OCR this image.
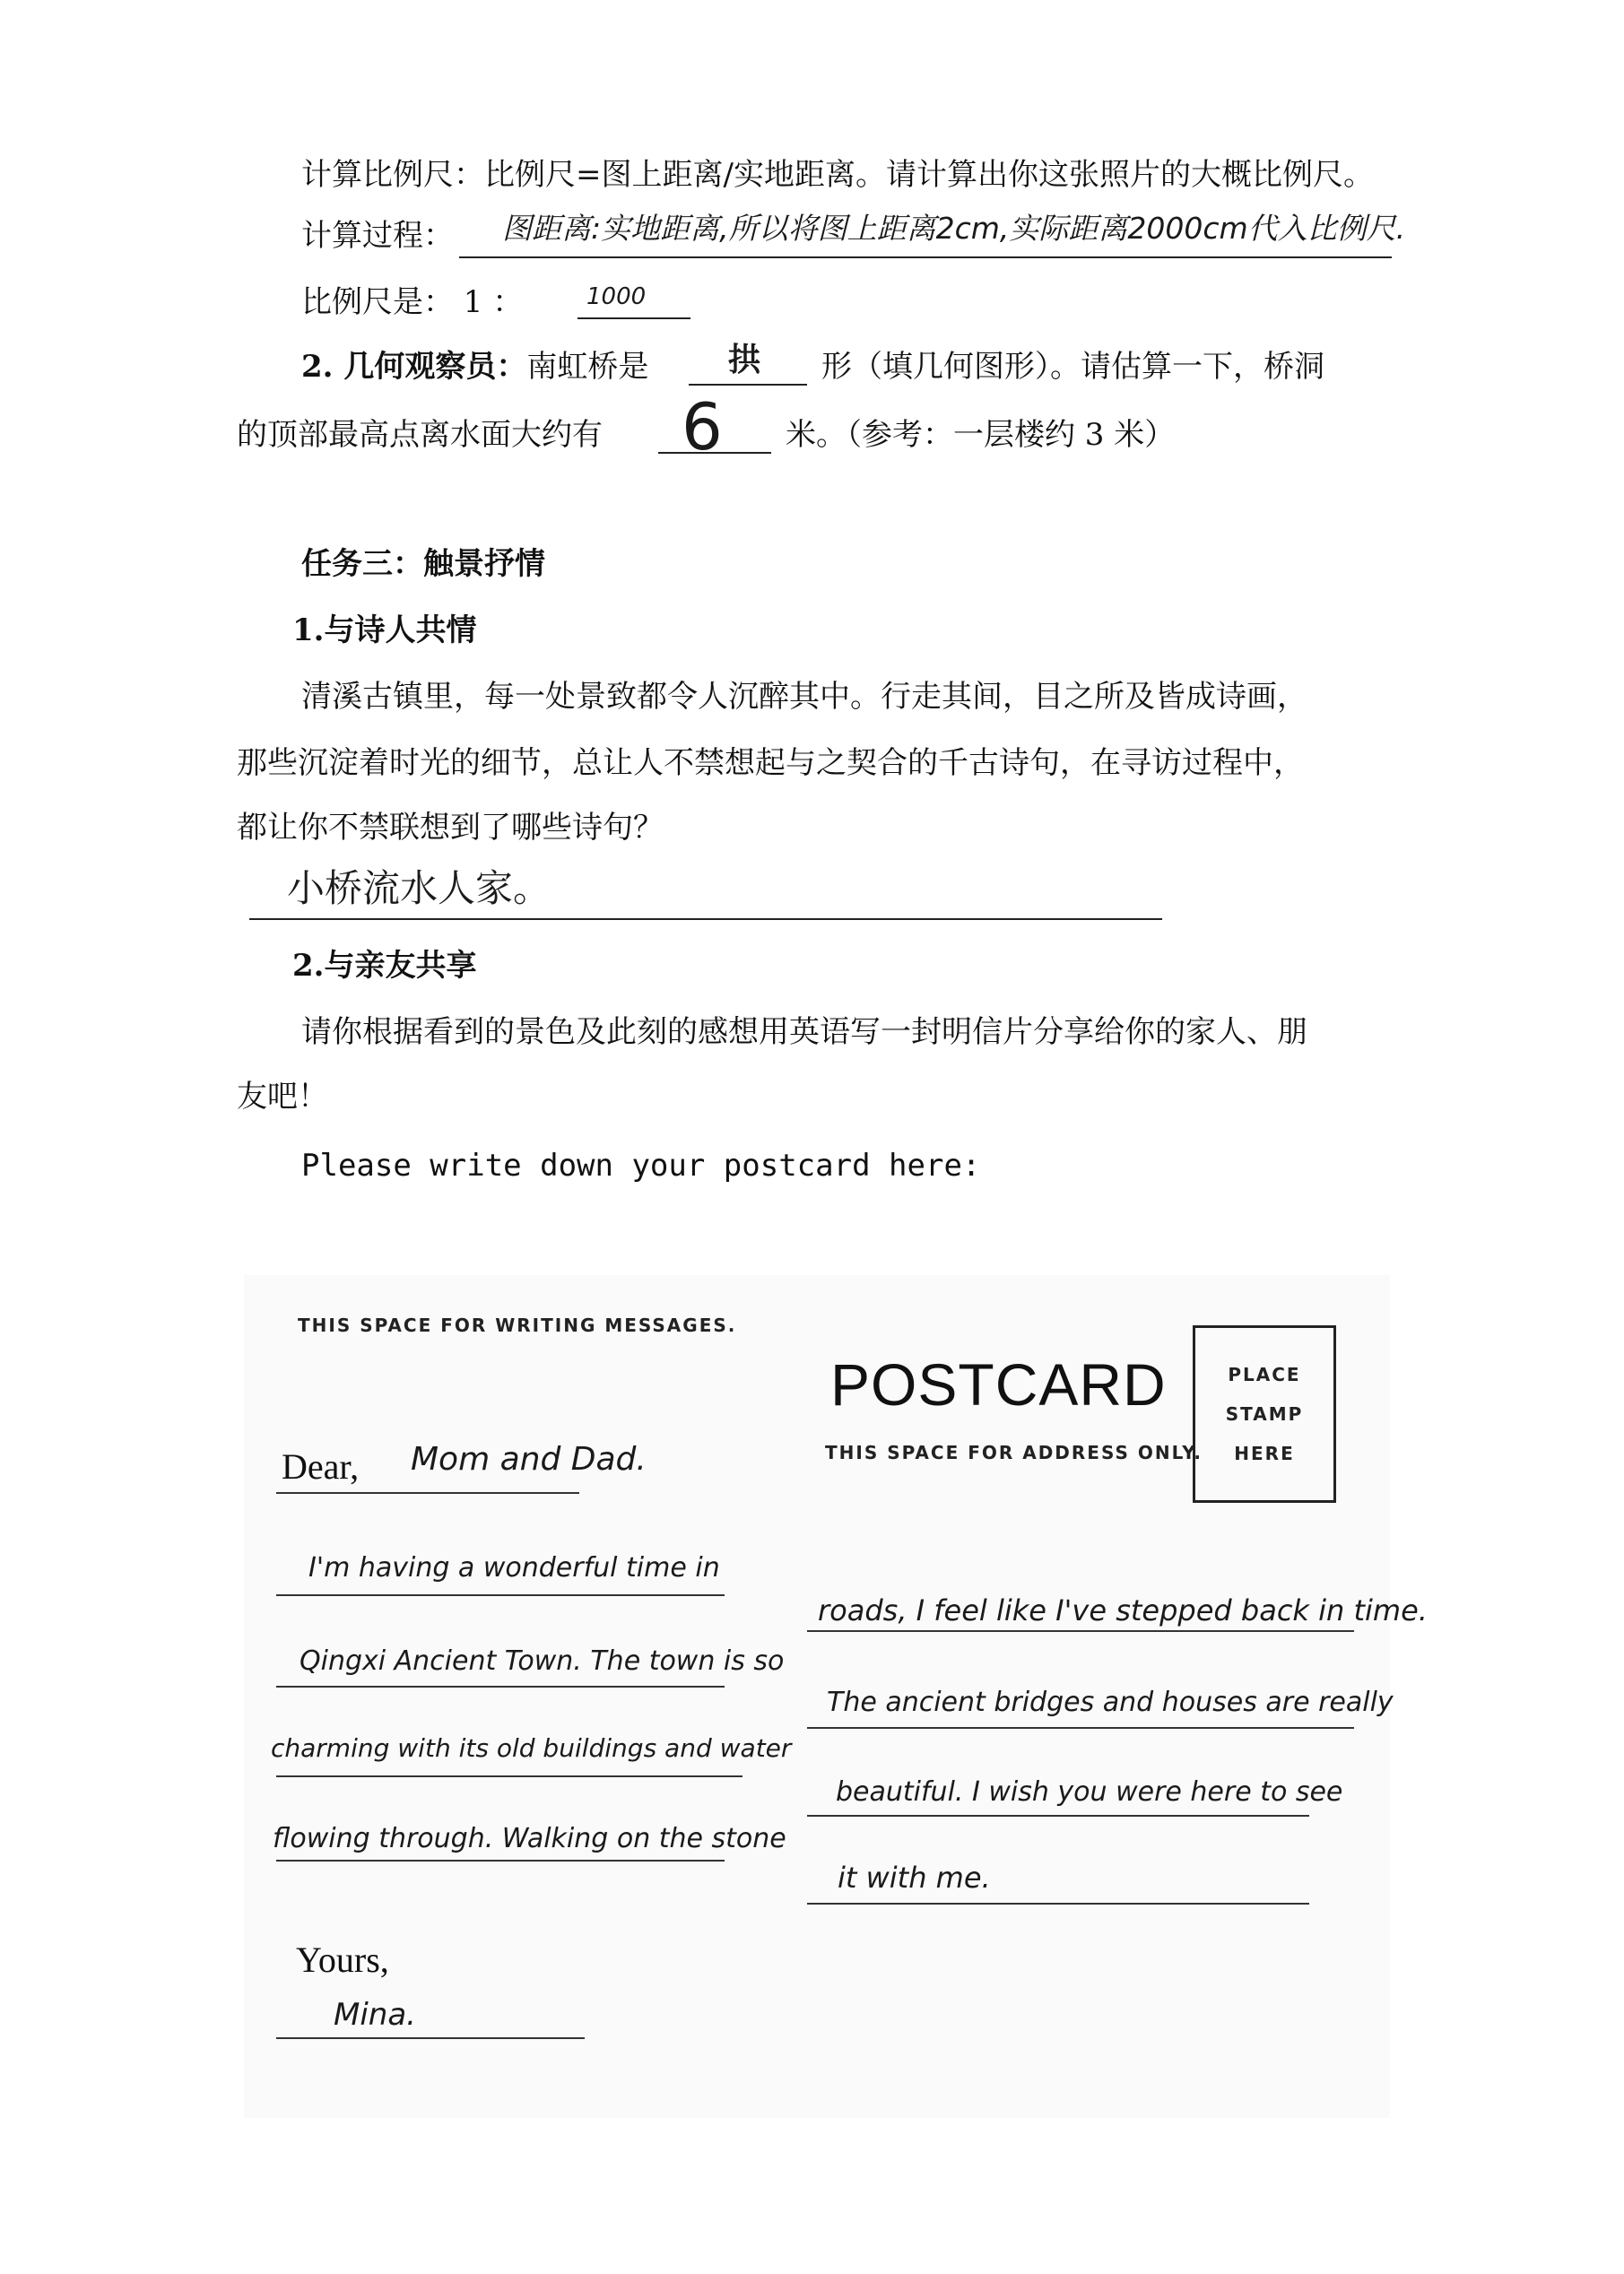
计算比例尺：比例尺=图上距离/实地距离。请计算出你这张照片的大概比例尺。
计算过程： 图距离:实地距离,所以将图上距离2cm,实际距离2000cm代入比例尺.
比例尺是： 1 ：	1000
2. 几何观察员：南虹桥是 拱 形（填几何图形）。请估算一下，桥洞
的顶部最高点离水面大约有 6 米。（参考：一层楼约 3 米）
任务三：触景抒情
1.与诗人共情
清溪古镇里，每一处景致都令人沉醉其中。行走其间，目之所及皆成诗画，
那些沉淀着时光的细节，总让人不禁想起与之契合的千古诗句，在寻访过程中，
都让你不禁联想到了哪些诗句？
小桥流水人家。
2.与亲友共享
请你根据看到的景色及此刻的感想用英语写一封明信片分享给你的家人、朋
友吧！
Please write down your postcard here:
THIS SPACE FOR WRITING MESSAGES.
POSTCARD
THIS SPACE FOR ADDRESS ONLY.
PLACE
STAMP
HERE
Dear, Mom and Dad.
I'm having a wonderful time in
Qingxi Ancient Town. The town is so
charming with its old buildings and water
flowing through. Walking on the stone
roads, I feel like I've stepped back in time.
The ancient bridges and houses are really
beautiful. I wish you were here to see
it with me.
Yours,
Mina.
